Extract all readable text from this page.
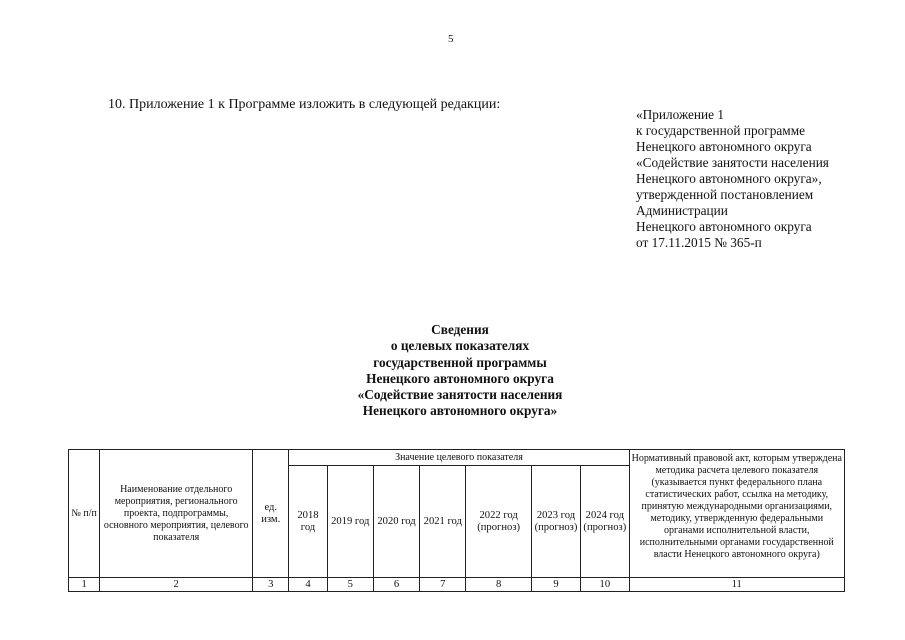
5
10. Приложение 1 к Программе изложить в следующей редакции:
«Приложение 1
к государственной программе
Ненецкого автономного округа
«Содействие занятости населения
Ненецкого автономного округа»,
утвержденной постановлением
Администрации
Ненецкого автономного округа
от 17.11.2015 № 365-п
Сведения
о целевых показателях
государственной программы
Ненецкого автономного округа
«Содействие занятости населения
Ненецкого автономного округа»
№ п/п	Наименование отдельного мероприятия, регионального проекта, подпрограммы, основного мероприятия, целевого показателя	ед. изм.	Значение целевого показателя							Нормативный правовой акт, которым утверждена методика расчета целевого показателя (указывается пункт федерального плана статистических работ, ссылка на методику, принятую международными организациями, методику, утвержденную федеральными органами исполнительной власти, исполнительными органами государственной власти Ненецкого автономного округа)
			2018 год	2019 год	2020 год	2021 год	2022 год (прогноз)	2023 год (прогноз)	2024 год (прогноз)	
1	2	3	4	5	6	7	8	9	10	11
